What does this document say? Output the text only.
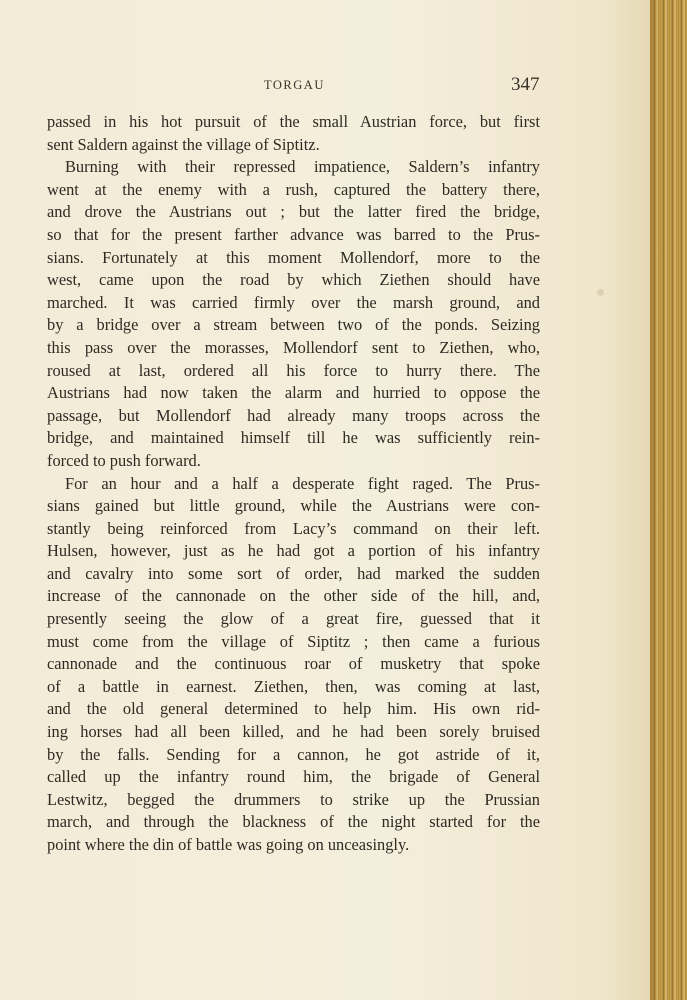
TORGAU	347
passed in his hot pursuit of the small Austrian force, but first
sent Saldern against the village of Siptitz.
Burning with their repressed impatience, Saldern’s infantry
went at the enemy with a rush, captured the battery there,
and drove the Austrians out ; but the latter fired the bridge,
so that for the present farther advance was barred to the Prus-
sians. Fortunately at this moment Mollendorf, more to the
west, came upon the road by which Ziethen should have
marched. It was carried firmly over the marsh ground, and
by a bridge over a stream between two of the ponds. Seizing
this pass over the morasses, Mollendorf sent to Ziethen, who,
roused at last, ordered all his force to hurry there. The
Austrians had now taken the alarm and hurried to oppose the
passage, but Mollendorf had already many troops across the
bridge, and maintained himself till he was sufficiently rein-
forced to push forward.
For an hour and a half a desperate fight raged. The Prus-
sians gained but little ground, while the Austrians were con-
stantly being reinforced from Lacy’s command on their left.
Hulsen, however, just as he had got a portion of his infantry
and cavalry into some sort of order, had marked the sudden
increase of the cannonade on the other side of the hill, and,
presently seeing the glow of a great fire, guessed that it
must come from the village of Siptitz ; then came a furious
cannonade and the continuous roar of musketry that spoke
of a battle in earnest. Ziethen, then, was coming at last,
and the old general determined to help him. His own rid-
ing horses had all been killed, and he had been sorely bruised
by the falls. Sending for a cannon, he got astride of it,
called up the infantry round him, the brigade of General
Lestwitz, begged the drummers to strike up the Prussian
march, and through the blackness of the night started for the
point where the din of battle was going on unceasingly.
